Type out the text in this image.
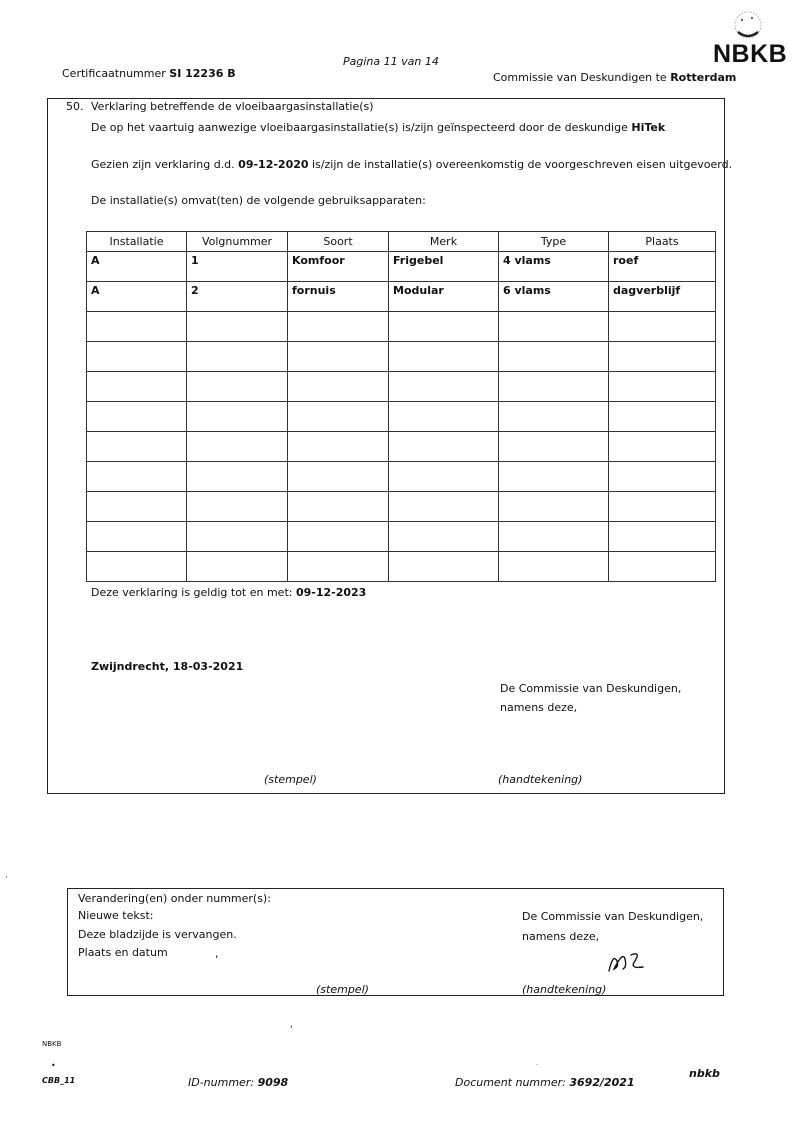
Certificaatnummer SI 12236 B
Pagina 11 van 14
Commissie van Deskundigen te Rotterdam
NBKB
50. Verklaring betreffende de vloeibaargasinstallatie(s)
De op het vaartuig aanwezige vloeibaargasinstallatie(s) is/zijn geïnspecteerd door de deskundige HiTek
Gezien zijn verklaring d.d. 09-12-2020 is/zijn de installatie(s) overeenkomstig de voorgeschreven eisen uitgevoerd.
De installatie(s) omvat(ten) de volgende gebruiksapparaten:
Installatie	Volgnummer	Soort	Merk	Type	Plaats
A	1	Komfoor	Frigebel	4 vlams	roef
A	2	fornuis	Modular	6 vlams	dagverblijf

Deze verklaring is geldig tot en met: 09-12-2023
Zwijndrecht, 18-03-2021
De Commissie van Deskundigen,
namens deze,
(stempel)	(handtekening)
·
Verandering(en) onder nummer(s):
Nieuwe tekst:
Deze bladzijde is vervangen.
Plaats en datum	,
De Commissie van Deskundigen,
namens deze,
(stempel)	(handtekening)
'
NBKB
•
CBB_11	ID-nummer: 9098	Document nummer: 3692/2021
nbkb
·
